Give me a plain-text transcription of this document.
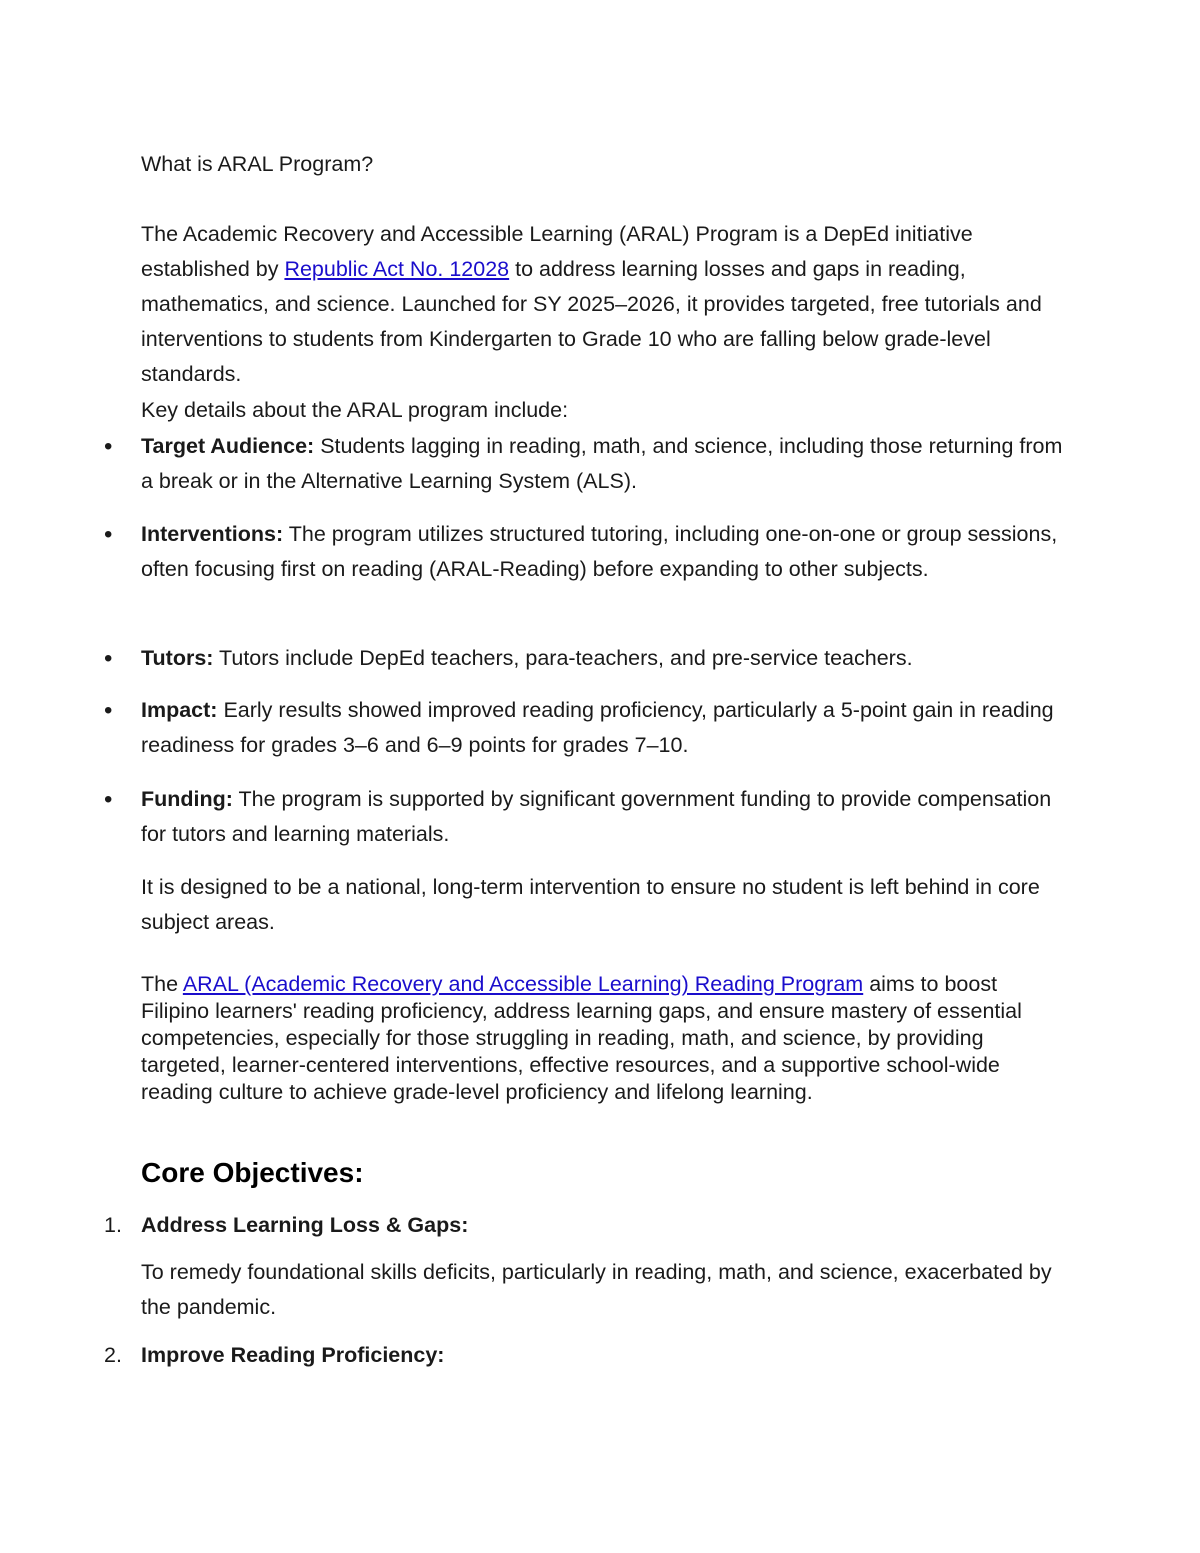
What is ARAL Program?

The Academic Recovery and Accessible Learning (ARAL) Program is a DepEd initiative established by Republic Act No. 12028 to address learning losses and gaps in reading, mathematics, and science. Launched for SY 2025–2026, it provides targeted, free tutorials and interventions to students from Kindergarten to Grade 10 who are falling below grade-level standards.

Key details about the ARAL program include:

•

Target Audience: Students lagging in reading, math, and science, including those returning from a break or in the Alternative Learning System (ALS).

•

Interventions: The program utilizes structured tutoring, including one-on-one or group sessions, often focusing first on reading (ARAL-Reading) before expanding to other subjects.

•

Tutors: Tutors include DepEd teachers, para-teachers, and pre-service teachers.

•

Impact: Early results showed improved reading proficiency, particularly a 5-point gain in reading readiness for grades 3–6 and 6–9 points for grades 7–10.

•

Funding: The program is supported by significant government funding to provide compensation for tutors and learning materials.

It is designed to be a national, long-term intervention to ensure no student is left behind in core subject areas.

The ARAL (Academic Recovery and Accessible Learning) Reading Program aims to boost Filipino learners' reading proficiency, address learning gaps, and ensure mastery of essential competencies, especially for those struggling in reading, math, and science, by providing targeted, learner-centered interventions, effective resources, and a supportive school-wide reading culture to achieve grade-level proficiency and lifelong learning.

Core Objectives:
1. Address Learning Loss & Gaps:

To remedy foundational skills deficits, particularly in reading, math, and science, exacerbated by the pandemic.

2. Improve Reading Proficiency:
